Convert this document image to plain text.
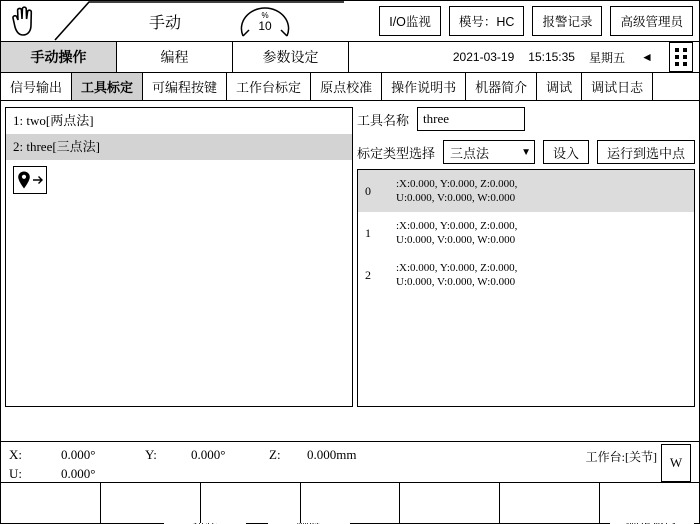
手动	%
10	I/O监视	模号：HC	报警记录	高级管理员
手动操作	编程	参数设定	2021-03-19 15:15:35 星期五 ◄
信号输出	工具标定	可编程按键	工作台标定	原点校准	操作说明书	机器简介	调试	调试日志
1: two[两点法]
2: three[三点法]
工具名称	three
标定类型选择 三点法	▼	设入	运行到选中点
0	:X:0.000, Y:0.000, Z:0.000,
U:0.000, V:0.000, W:0.000
1	:X:0.000, Y:0.000, Z:0.000,
U:0.000, V:0.000, W:0.000
2	:X:0.000, Y:0.000, Z:0.000,
U:0.000, V:0.000, W:0.000
X:	0.000°	Y:	0.000°	Z: 0.000mm
U:	0.000°
工作台:[关节] W
